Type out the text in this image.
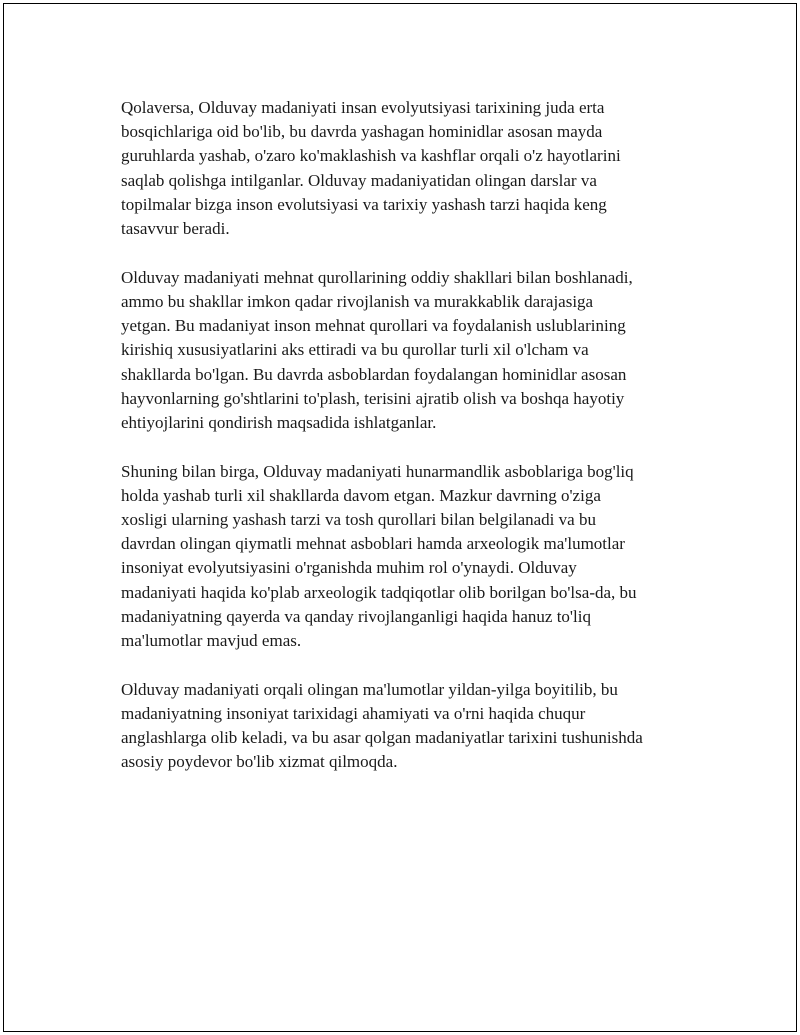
Qolaversa, Olduvay madaniyati insan evolyutsiyasi tarixining juda erta
bosqichlariga oid bo'lib, bu davrda yashagan hominidlar asosan mayda
guruhlarda yashab, o'zaro ko'maklashish va kashflar orqali o'z hayotlarini
saqlab qolishga intilganlar. Olduvay madaniyatidan olingan darslar va
topilmalar bizga inson evolutsiyasi va tarixiy yashash tarzi haqida keng
tasavvur beradi.

Olduvay madaniyati mehnat qurollarining oddiy shakllari bilan boshlanadi,
ammo bu shakllar imkon qadar rivojlanish va murakkablik darajasiga
yetgan. Bu madaniyat inson mehnat qurollari va foydalanish uslublarining
kirishiq xususiyatlarini aks ettiradi va bu qurollar turli xil o'lcham va
shakllarda bo'lgan. Bu davrda asboblardan foydalangan hominidlar asosan
hayvonlarning go'shtlarini to'plash, terisini ajratib olish va boshqa hayotiy
ehtiyojlarini qondirish maqsadida ishlatganlar.

Shuning bilan birga, Olduvay madaniyati hunarmandlik asboblariga bog'liq
holda yashab turli xil shakllarda davom etgan. Mazkur davrning o'ziga
xosligi ularning yashash tarzi va tosh qurollari bilan belgilanadi va bu
davrdan olingan qiymatli mehnat asboblari hamda arxeologik ma'lumotlar
insoniyat evolyutsiyasini o'rganishda muhim rol o'ynaydi. Olduvay
madaniyati haqida ko'plab arxeologik tadqiqotlar olib borilgan bo'lsa-da, bu
madaniyatning qayerda va qanday rivojlanganligi haqida hanuz to'liq
ma'lumotlar mavjud emas.

Olduvay madaniyati orqali olingan ma'lumotlar yildan-yilga boyitilib, bu
madaniyatning insoniyat tarixidagi ahamiyati va o'rni haqida chuqur
anglashlarga olib keladi, va bu asar qolgan madaniyatlar tarixini tushunishda
asosiy poydevor bo'lib xizmat qilmoqda.
